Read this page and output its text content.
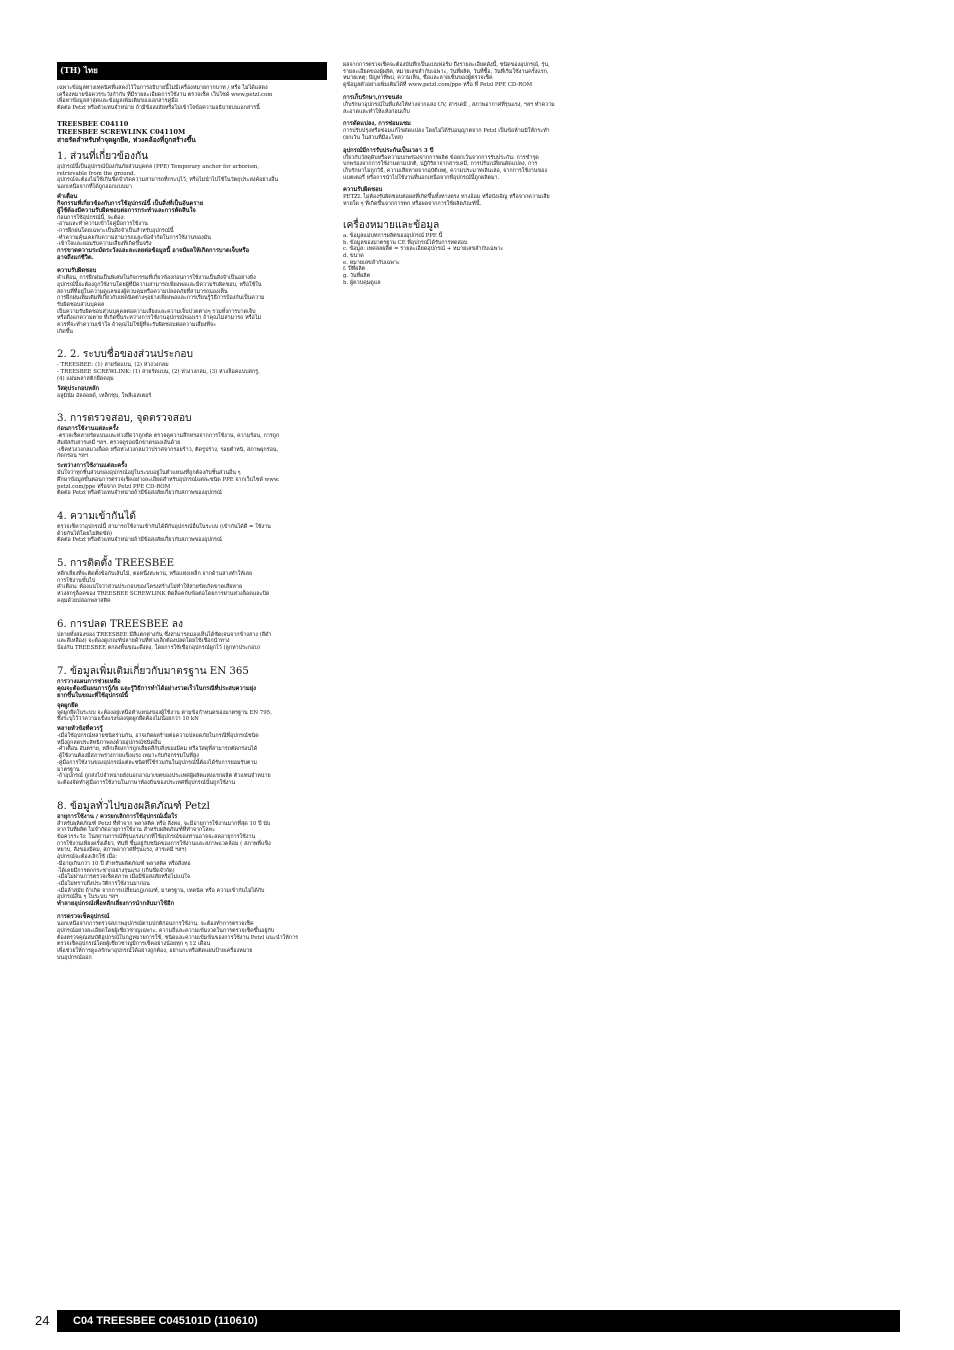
(TH) ไทย

เฉพาะข้อมูลทางเทคนิคที่แสดงไว้ในการอธิบายนี้ไม่มีเครื่องหมายกากบาท / หรือ ไม่ได้แสดง

เครื่องหมายข้อควรระวังกำกับ ที่มีรายละเอียดการใช้งาน ตรวจเช็ค เว็บไซด์ www.petzl.com

เพื่อหาข้อมูลล่าสุดและข้อมูลเพิ่มเติมของเอกสารคู่มือ

ติดต่อ Petzl หรือตัวแทนจำหน่าย ถ้ามีข้อสงสัยหรือไม่เข้าใจข้อความอธิบายบนเอกสารนี้

TREESBEE C04110

TREESBEE SCREWLINK C04110M

สายรัดสำหรับทำจุดผูกยึด, ห่วงคล้องที่ถูกสร้างขึ้น

1. ส่วนที่เกี่ยวข้องกัน

อุปกรณ์นี้เป็นอุปกรณ์ป้องกันภัยส่วนบุคคล (PPE) Temporary anchor for arborism,

retrievable from the ground.

อุปกรณ์จะต้องไม่ใช้เกินขีดจำกัดความสามารถที่กระบุไว้, หรือไม่นำไปใช้ในวัตถุประสงค์อย่างอื่น

นอกเหนือจากที่ได้ถูกออกแบบมา

คำเตือน

กิจกรรมที่เกี่ยวข้องกับการใช้อุปกรณ์นี้ เป็นสิ่งที่เป็นอันตราย

ผู้ใช้ต้องมีความรับผิดชอบต่อการกระทำและการตัดสินใจ

ก่อนการใช้อุปกรณ์นี้, จะต้อง:

-อ่านและทำความเข้าใจคู่มือการใช้งาน

-การฝึกฝนโดยเฉพาะเป็นสิ่งจำเป็นสำหรับอุปกรณ์นี้

-ทำความคุ้นเคยกับความสามารถและข้อจำกัดในการใช้งานของมัน

-เข้าใจและยอมรับความเสี่ยงที่เกิดขึ้นจริง

การขาดความระมัดระวังและละเลยต่อข้อมูลนี้ อาจมีผลให้เกิดการบาดเจ็บหรือ

อาจถึงแก่ชีวิต.

ความรับผิดชอบ

คำเตือน, การฝึกฝนเป็นพิเศษในกิจกรรมที่เกี่ยวข้องก่อนการใช้งานเป็นสิ่งจำเป็นอย่างยิ่ง

อุปกรณ์นี้จะต้องถูกใช้งานโดยผู้ที่มีความสามารถเพียงพอและมีความรับผิดชอบ, หรือใช้ใน

สถานที่ที่อยู่ในความดูแลของผู้ควบคุมหรือความปลอดภัยที่สามารถมองเห็น

การฝึกฝนเพิ่มเติมที่เกี่ยวกับเทคนิคต่างๆอย่างเพียงพอและการเรียนรู้วิธีการป้องกันเป็นความ

รับผิดชอบส่วนบุคคล

เป็นความรับผิดชอบส่วนบุคคลต่อความเสี่ยงและความเจ็บปวดต่างๆ รวมทั้งการบาดเจ็บ

หรือถึงแก่ความตาย ที่เกิดขึ้นระหว่างการใช้งานอุปกรณ์ของเรา ถ้าคุณไม่สามารถ หรือไม่

ควรที่จะทำความเข้าใจ ถ้าคุณไม่ใช่ผู้ที่จะรับผิดชอบต่อความเสี่ยงที่จะ

เกิดขึ้น

2. 2. ระบบชื่อของส่วนประกอบ

- TREESBEE: (1) สายรัดแบน, (2) ห่วงวงกลม

- TREESBEE SCREWLINK: (1) สายรัดแบน, (2) ห่วงวงกลม, (3) ห่วงล็อคแบบสกรู,

(4) แผ่นพลาสติกยึดคลุม

วัสดุประกอบหลัก

อลูมินั่ม อัลลอยด์, เหล็กชุบ, โพลีเอสเตอร์

3. การตรวจสอบ, จุดตรวจสอบ
ก่อนการใช้งานแต่ละครั้ง

-ตรวจเช็คสายรัดแบนและห่วงยึดว่าถูกตัด ตรวจดูความสึกหรอจากการใช้งาน, ความร้อน, การถูก

สัมผัสกับสารเคมี ฯลฯ. ตรวจดูรอยฉีกขาดของเส้นด้าย

-เช็คห่วงวงกลมวงล็อค หรือห่วงวงกลมว่าปราศจากรอยร้าว, ติดรูปร่าง, รอยตำหนิ, สภาพผุกร่อน,

กัดกร่อน ฯลฯ

ระหว่างการใช้งานแต่ละครั้ง

มั่นใจว่าทุกชิ้นส่วนของอุปกรณ์อยู่ในระบบอยู่ในตำแหน่งที่ถูกต้องกับชิ้นส่วนอื่น ๆ

ศึกษาข้อมูลขั้นตอนการตรวจเช็คอย่างละเอียดสำหรับอุปกรณ์แต่ละชนิด PPE จากเว็บไซด์ www.

petzl.com/ppe หรือจาก Petzl PPE CD-ROM

ติดต่อ Petzl หรือตัวแทนจำหน่ายถ้ามีข้อสงสัยเกี่ยวกับสภาพของอุปกรณ์

4. ความเข้ากันได้

ตรวจเช็คว่าอุปกรณ์นี้ สามารถใช้งานเข้ากันได้ดีกับอุปกรณ์อื่นในระบบ (เข้ากันได้ดี = ใช้งาน

ด้วยกันได้โดยไม่ติดขัด)

ติดต่อ Petzl หรือตัวแทนจำหน่ายถ้ามีข้อสงสัยเกี่ยวกับสภาพของอุปกรณ์

5. การติดตั้ง TREESBEE

หลีกเลี่ยงที่จะติดตั้งข้อกับเส้นไม้, ตอหนึ่งสะพาน, หรือแท่งเหล็ก จากด้านล่างทำให้เลย

การใช้งานขั้นไป

คำเตือน: ต้องแน่ใจว่าส่วนประกอบของโครงสร้างไม่ทำให้สายรัดเกิดขาดเสียหาย

ห่วงสกรูล็อคของ TREESBEE SCREWLINK ติดล็อคกับข้อต่อโดยการผ่านห่วงล็อคและปิด

คลุมด้วยปลอกพลาสติค

6. การปลด TREESBEE ลง

ปลายทั้งสองของ TREESBEE มีสีแตกต่างกัน ซึ่งสามารถมองเห็นได้ชัดเจนจากข้างล่าง (สีดำ

และสีเหลือง) จะต้องดูเกณฑ์ปลายด้านที่ห่วงเล็กต้องปลดโดยใช้เชือกนำทาง

ป้องกัน TREESBEE ตกลงพื้นขณะดึงลง, โดยการใช้เชือกอุปกรณ์ผูกไว้ (ลูกหาประกอบ)

7. ข้อมูลเพิ่มเติมเกี่ยวกับมาตรฐาน EN 365
การวางแผนการช่วยเหลือ

คุณจะต้องมีแผนการกู้ภัย และรู้วิธีการทำได้อย่างรวดเร็วในกรณีที่ประสบความยุ่ง

ยากขึ้นในขณะที่ใช้อุปกรณ์นี้

จุดผูกยึด

จุดผูกยึดในระบบ จะต้องอยู่เหนือตำแหน่งของผู้ใช้งาน ตามข้อกำหนดของมาตรฐาน EN 795,

ซึ่งระบุไว้ว่าความแข็งแรงของจุดผูกยึดต้องไม่น้อยกว่า 10 kN

หลายหัวข้อที่ควรรู้

-เมื่อใช้อุปกรณ์หลายชนิดร่วมกัน, อาจเกิดผลร้ายต่อความปลอดภัยในกรณีที่อุปกรณ์ชนิด

หนึ่งถูกลดประสิทธิภาพลงด้วยอุปกรณ์ชนิดอื่น

-คำเตือน อันตราย, หลีกเลี่ยงการถูกเสียดสีกับสิ่งของมีคม หรือวัสดุที่สามารถตัดกร่อนได้

-ผู้ใช้งานต้องมีสภาพร่างกายแข็งแรง เหมาะกับกิจกรรมในที่สูง

-คู่มือการใช้งานของอุปกรณ์แต่ละชนิดที่ใช้ร่วมกันในอุปกรณ์นี้ต้องได้รับการยอมรับตาม

มาตรฐาน

-ถ้าอุปกรณ์ ถูกส่งไปจำหน่ายยังนอกอาณาเขตของประเทศผู้ผลิตแห่งแรกผลิต ตัวแทนจำหน่าย

จะต้องจัดทำคู่มือการใช้งานในภาษาท้องถิ่นของประเทศที่อุปกรณ์นั้นถูกใช้งาน

8. ข้อมูลทั่วไปของผลิตภัณฑ์ Petzl
อายุการใช้งาน / ควรยกเลิกการใช้อุปกรณ์เมื่อใร

สำหรับผลิตภัณฑ์ Petzl ที่ทำจาก พลาสติค หรือ สิ่งทอ, จะมีอายุการใช้งานมากที่สุด 10 ปี นับ

จากวันที่ผลิต ไม่จำกัดอายุการใช้งาน สำหรับผลิตภัณฑ์ที่ทำจากโลหะ

ข้อควรระวัง: ในสถานการณ์ที่รุนแรงมากที่ใช้อุปกรณ์ของท่านอาจจะลดอายุการใช้งาน

การใช้งานเพียงครั้งเดียว, ทันที ขึ้นอยู่กับชนิดของการใช้งานและสภาพแวดล้อม ( สภาพที่แข็ง

หยาบ, สิ่งของมีคม, สภาพอากาศที่รุนแรง, สารเคมี ฯลฯ)

อุปกรณ์จะต้องเลิกใช้ เมื่อ:

-มีอายุเกินกว่า 10 ปี สำหรับผลิตภัณฑ์ พลาสติค หรือสิ่งทอ

-ได้เคยมีการตกกระชากอย่างรุนแรง (เกินขีดจำกัด)

-เมื่อไม่ผ่านการตรวจเช็คสภาพ เมื่อมีข้อสงสัยหรือไม่แน่ใจ

-เมื่อไม่ทราบถึงประวัติการใช้งานมาก่อน

-เมื่อล้าสมัย ถ้าเกิด จากการเปลี่ยนกฎเกณฑ์, มาตรฐาน, เทคนิค หรือ ความเข้ากันไม่ได้กับ

อุปกรณ์อื่น ๆ ในระบบ ฯลฯ

ทำลายอุปกรณ์เพื่อหลีกเลี่ยงการนำกลับมาใช้อีก

การตรวจเช็คอุปกรณ์

นอกเหนือจากการตรวจสภาพอุปกรณ์ตามปกติก่อนการใช้งาน, จะต้องทำการตรวจเช็ค

อุปกรณ์อย่างละเอียดโดยผู้เชี่ยวชาญเฉพาะ. ความถี่และความเข้มงวดในการตรวจเช็คขึ้นอยู่กับ

ต้องตรวจคุณสมบัติอุปกรณ์ในกฎหมายการใช้, ชนิดและความเข้มข้นของการใช้งาน Petzl แนะนำให้การ

ตรวจเช็คอุปกรณ์โดยผู้เชี่ยวชาญมีการเช็คอย่างน้อยทุก ๆ 12 เดือน

เพื่อช่วยให้การดูแลรักษาอุปกรณ์ได้อย่างถูกต้อง, อย่าแกะหรือติดแผ่นป้ายเครื่องหมาย

บนอุปกรณ์ออก

ผลจากการตรวจเช็คจะต้องบันทึกเป็นแบบฟอร์ม ถึงรายละเอียดดังนี้, ชนิดของอุปกรณ์, รุ่น,

รายละเอียดของผู้ผลิต, หมายเลขลำกับเฉพาะ, วันที่ผลิต, วันที่ซื้อ, วันที่เริ่มใช้งานครั้งแรก,

หมายเหตุ: ปัญหาที่พบ, ความเห็น, ชื่อและลายเซ็นของผู้ตรวจเช็ค

ดูข้อมูลตัวอย่างเพิ่มเติมได้ที่ www.petzl.com/ppe หรือ ที่ Petzl PPE CD-ROM

การเก็บรักษา,การขนส่ง

เก็บรักษาอุปกรณ์ในที่แห้งให้ห่างจากแสง UV, สารเคมี , สภาพอากาศที่รุนแรง, ฯลฯ ทำความ

สะอาดและทำให้แห้งก่อนเก็บ

การดัดแปลง, การซ่อมแซม

การปรับปรุงหรือซ่อมแก้ไขดัดแปลง โดยไม่ได้รับอนุญาตจาก Petzl เป็นข้อห้ามมิให้กระทำ

(ยกเว้น ในส่วนที่มีอะไหล่)

อุปกรณ์มีการรับประกันเป็นเวลา 3 ปี

เกี่ยวกับวัสดุดิบหรือความบกพร่องจากการผลิต ข้อยกเว้นจากการรับประกัน: การชำรุด

บกพร่องจากการใช้งานตามปกติ, ปฏิกิริยาจากสารเคมี, การปรับเปลี่ยนดัดแปลง, การ

เก็บรักษาไม่ถูกวิธี, ความเสียหายจากอุบัติเหตุ, ความประมาทเลินเล่อ, จากการใช้งานของ

แบตเตอรี่ หรือการนำไปใช้งานที่นอกเหนือจากที่อุปกรณ์นี้ถูกผลิตมา.

ความรับผิดชอบ

PETZL ไม่ต้องรับผิดชอบต่อผลที่เกิดขึ้นทั้งทางตรง ทางอ้อม หรือบังเอิญ หรือจากความเสีย

หายใด ๆ ที่เกิดขึ้นจากการตก หรือผลจากการใช้ผลิตภัณฑ์นี้.

เครื่องหมายและข้อมูล

a. ข้อมูลแม่บทการผลิตของอุปกรณ์ PPE นี้

b. ข้อมูลของมาตรฐาน CE ที่อุปกรณ์ได้รับการทดสอบ

c. ข้อมูล: เทคลลผลิต = รายละเอียดอุปกรณ์ + หมายเลขลำกับเฉพาะ

d. ขนาด

e. หมายเลขลำกับเฉพาะ

f. ปีที่ผลิต

g. วันที่ผลิต

h. ผู้ควบคุมดูแล

24	C04 TREESBEE C045101D (110610)
